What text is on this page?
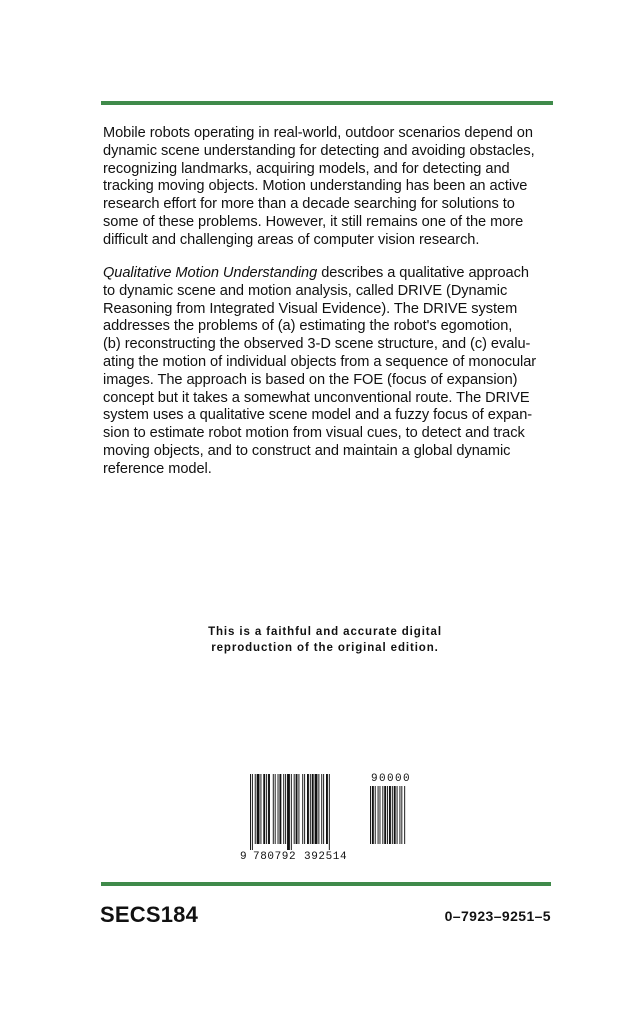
Mobile robots operating in real-world, outdoor scenarios depend on
dynamic scene understanding for detecting and avoiding obstacles,
recognizing landmarks, acquiring models, and for detecting and
tracking moving objects. Motion understanding has been an active
research effort for more than a decade searching for solutions to
some of these problems. However, it still remains one of the more
difficult and challenging areas of computer vision research.

Qualitative Motion Understanding describes a qualitative approach
to dynamic scene and motion analysis, called DRIVE (Dynamic
Reasoning from Integrated Visual Evidence). The DRIVE system
addresses the problems of (a) estimating the robot's egomotion,
(b) reconstructing the observed 3-D scene structure, and (c) evalu-
ating the motion of individual objects from a sequence of monocular
images. The approach is based on the FOE (focus of expansion)
concept but it takes a somewhat unconventional route. The DRIVE
system uses a qualitative scene model and a fuzzy focus of expan-
sion to estimate robot motion from visual cues, to detect and track
moving objects, and to construct and maintain a global dynamic
reference model.

This is a faithful and accurate digital
reproduction of the original edition.
9 780792 392514
90000
SECS184	0–7923–9251–5
